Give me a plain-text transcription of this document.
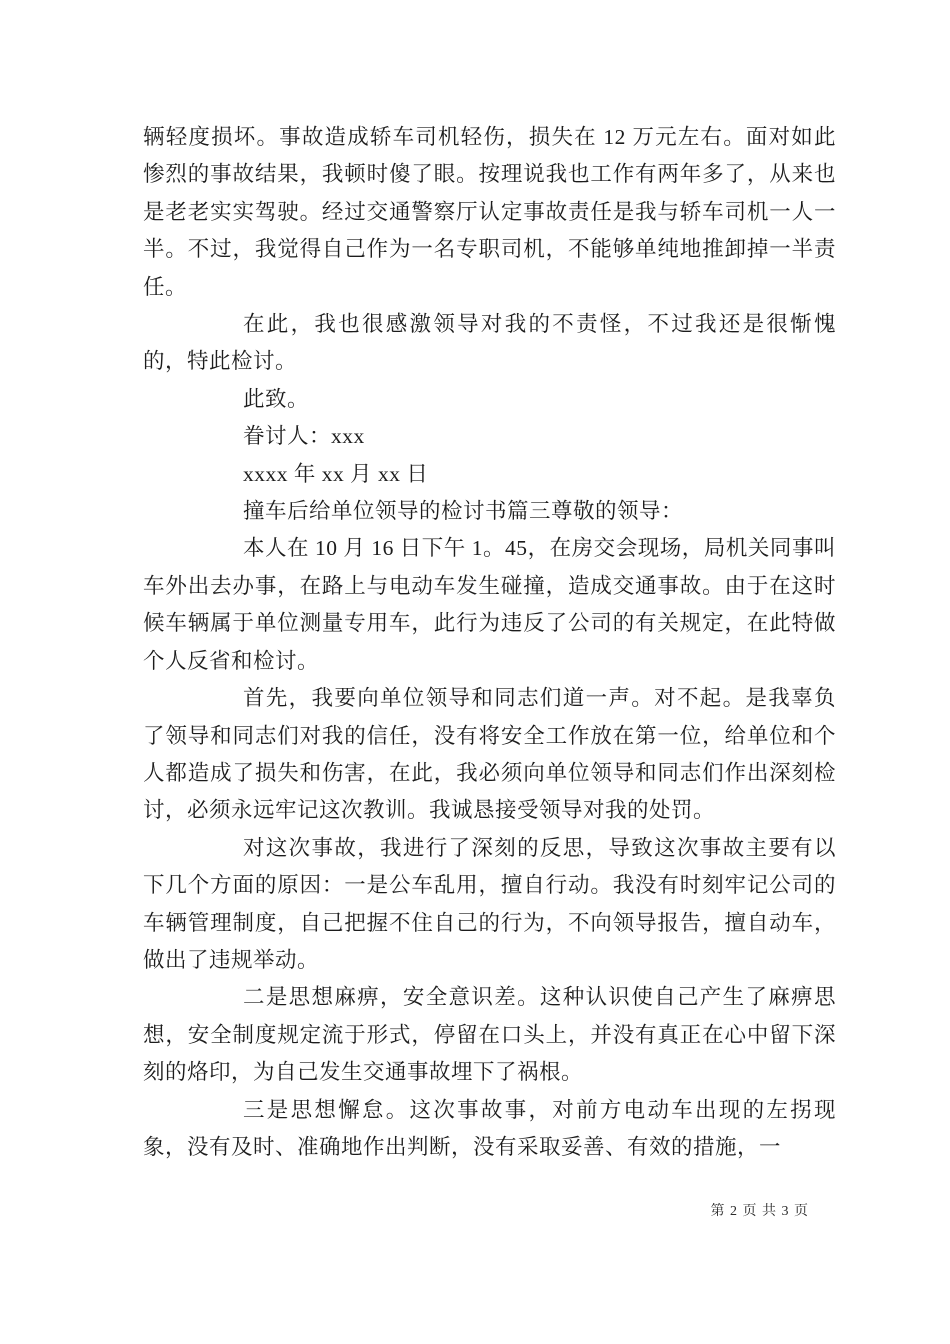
辆轻度损坏。事故造成轿车司机轻伤，损失在 12 万元左右。面对如此惨烈的事故结果，我顿时傻了眼。按理说我也工作有两年多了，从来也是老老实实驾驶。经过交通警察厅认定事故责任是我与轿车司机一人一半。不过，我觉得自己作为一名专职司机，不能够单纯地推卸掉一半责任。

在此，我也很感激领导对我的不责怪，不过我还是很惭愧的，特此检讨。

此致。

眷讨人：xxx

xxxx 年 xx 月 xx 日

撞车后给单位领导的检讨书篇三尊敬的领导：

本人在 10 月 16 日下午 1。45，在房交会现场，局机关同事叫车外出去办事，在路上与电动车发生碰撞，造成交通事故。由于在这时候车辆属于单位测量专用车，此行为违反了公司的有关规定，在此特做个人反省和检讨。

首先，我要向单位领导和同志们道一声。对不起。是我辜负了领导和同志们对我的信任，没有将安全工作放在第一位，给单位和个人都造成了损失和伤害，在此，我必须向单位领导和同志们作出深刻检讨，必须永远牢记这次教训。我诚恳接受领导对我的处罚。

对这次事故，我进行了深刻的反思，导致这次事故主要有以下几个方面的原因：一是公车乱用，擅自行动。我没有时刻牢记公司的车辆管理制度，自己把握不住自己的行为，不向领导报告，擅自动车，做出了违规举动。

二是思想麻痹，安全意识差。这种认识使自己产生了麻痹思想，安全制度规定流于形式，停留在口头上，并没有真正在心中留下深刻的烙印，为自己发生交通事故埋下了祸根。

三是思想懈怠。这次事故事，对前方电动车出现的左拐现象，没有及时、准确地作出判断，没有采取妥善、有效的措施，一

第 2 页 共 3 页
